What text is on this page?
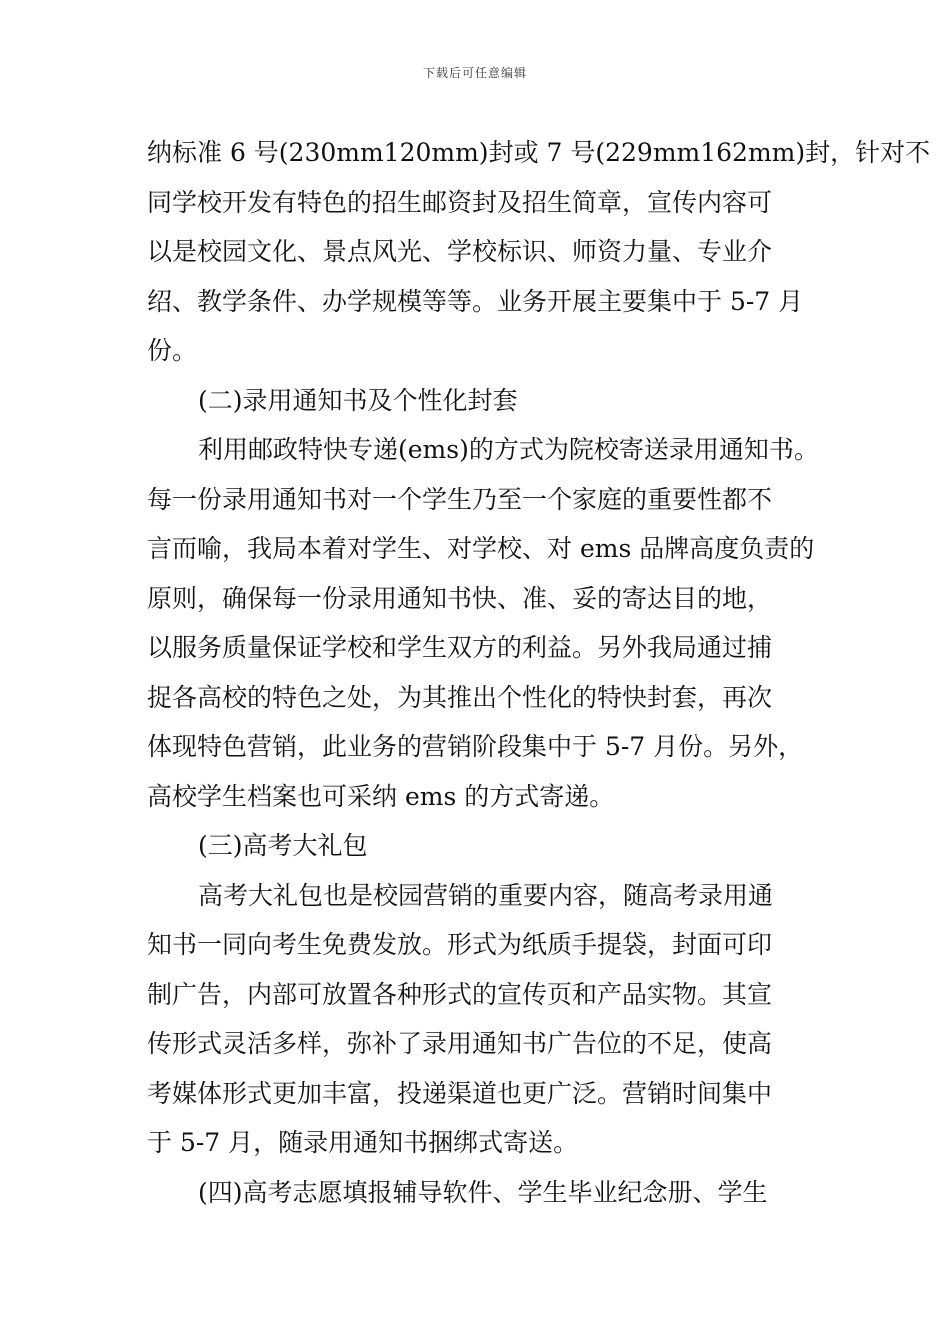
下载后可任意编辑
纳标准 6 号(230mm120mm)封或 7 号(229mm162mm)封，针对不
同学校开发有特色的招生邮资封及招生简章，宣传内容可
以是校园文化、景点风光、学校标识、师资力量、专业介
绍、教学条件、办学规模等等。业务开展主要集中于 5-7 月
份。
(二)录用通知书及个性化封套
利用邮政特快专递(ems)的方式为院校寄送录用通知书。
每一份录用通知书对一个学生乃至一个家庭的重要性都不
言而喻，我局本着对学生、对学校、对 ems 品牌高度负责的
原则，确保每一份录用通知书快、准、妥的寄达目的地，
以服务质量保证学校和学生双方的利益。另外我局通过捕
捉各高校的特色之处，为其推出个性化的特快封套，再次
体现特色营销，此业务的营销阶段集中于 5-7 月份。另外，
高校学生档案也可采纳 ems 的方式寄递。
(三)高考大礼包
高考大礼包也是校园营销的重要内容，随高考录用通
知书一同向考生免费发放。形式为纸质手提袋，封面可印
制广告，内部可放置各种形式的宣传页和产品实物。其宣
传形式灵活多样，弥补了录用通知书广告位的不足，使高
考媒体形式更加丰富，投递渠道也更广泛。营销时间集中
于 5-7 月，随录用通知书捆绑式寄送。
(四)高考志愿填报辅导软件、学生毕业纪念册、学生
